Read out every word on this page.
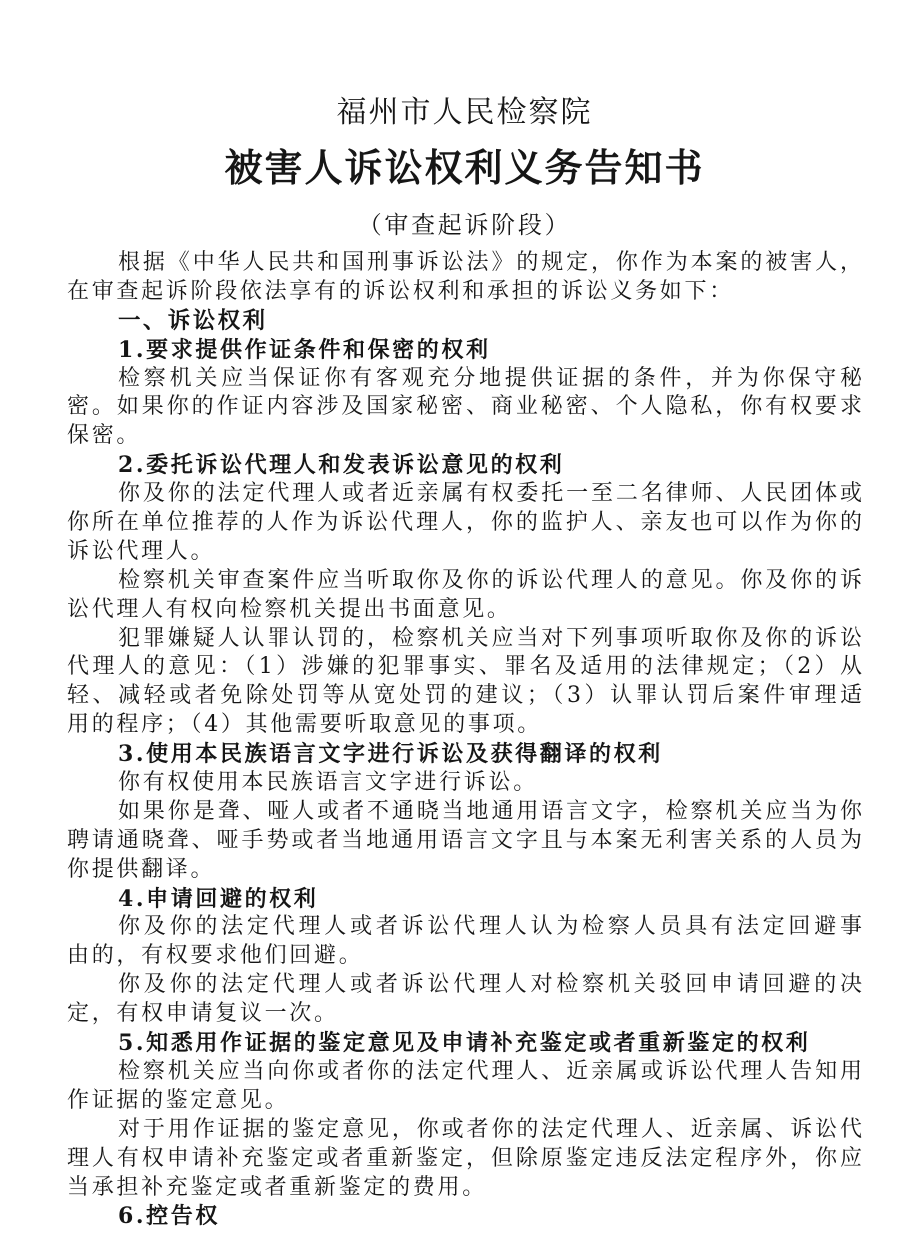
福州市人民检察院
被害人诉讼权利义务告知书
（审查起诉阶段）
根据《中华人民共和国刑事诉讼法》的规定，你作为本案的被害人，
在审查起诉阶段依法享有的诉讼权利和承担的诉讼义务如下：
一、诉讼权利
1.要求提供作证条件和保密的权利
检察机关应当保证你有客观充分地提供证据的条件，并为你保守秘
密。如果你的作证内容涉及国家秘密、商业秘密、个人隐私，你有权要求
保密。
2.委托诉讼代理人和发表诉讼意见的权利
你及你的法定代理人或者近亲属有权委托一至二名律师、人民团体或
你所在单位推荐的人作为诉讼代理人，你的监护人、亲友也可以作为你的
诉讼代理人。
检察机关审查案件应当听取你及你的诉讼代理人的意见。你及你的诉
讼代理人有权向检察机关提出书面意见。
犯罪嫌疑人认罪认罚的，检察机关应当对下列事项听取你及你的诉讼
代理人的意见：（1）涉嫌的犯罪事实、罪名及适用的法律规定；（2）从
轻、减轻或者免除处罚等从宽处罚的建议；（3）认罪认罚后案件审理适
用的程序；（4）其他需要听取意见的事项。
3.使用本民族语言文字进行诉讼及获得翻译的权利
你有权使用本民族语言文字进行诉讼。
如果你是聋、哑人或者不通晓当地通用语言文字，检察机关应当为你
聘请通晓聋、哑手势或者当地通用语言文字且与本案无利害关系的人员为
你提供翻译。
4.申请回避的权利
你及你的法定代理人或者诉讼代理人认为检察人员具有法定回避事
由的，有权要求他们回避。
你及你的法定代理人或者诉讼代理人对检察机关驳回申请回避的决
定，有权申请复议一次。
5.知悉用作证据的鉴定意见及申请补充鉴定或者重新鉴定的权利
检察机关应当向你或者你的法定代理人、近亲属或诉讼代理人告知用
作证据的鉴定意见。
对于用作证据的鉴定意见，你或者你的法定代理人、近亲属、诉讼代
理人有权申请补充鉴定或者重新鉴定，但除原鉴定违反法定程序外，你应
当承担补充鉴定或者重新鉴定的费用。
6.控告权
